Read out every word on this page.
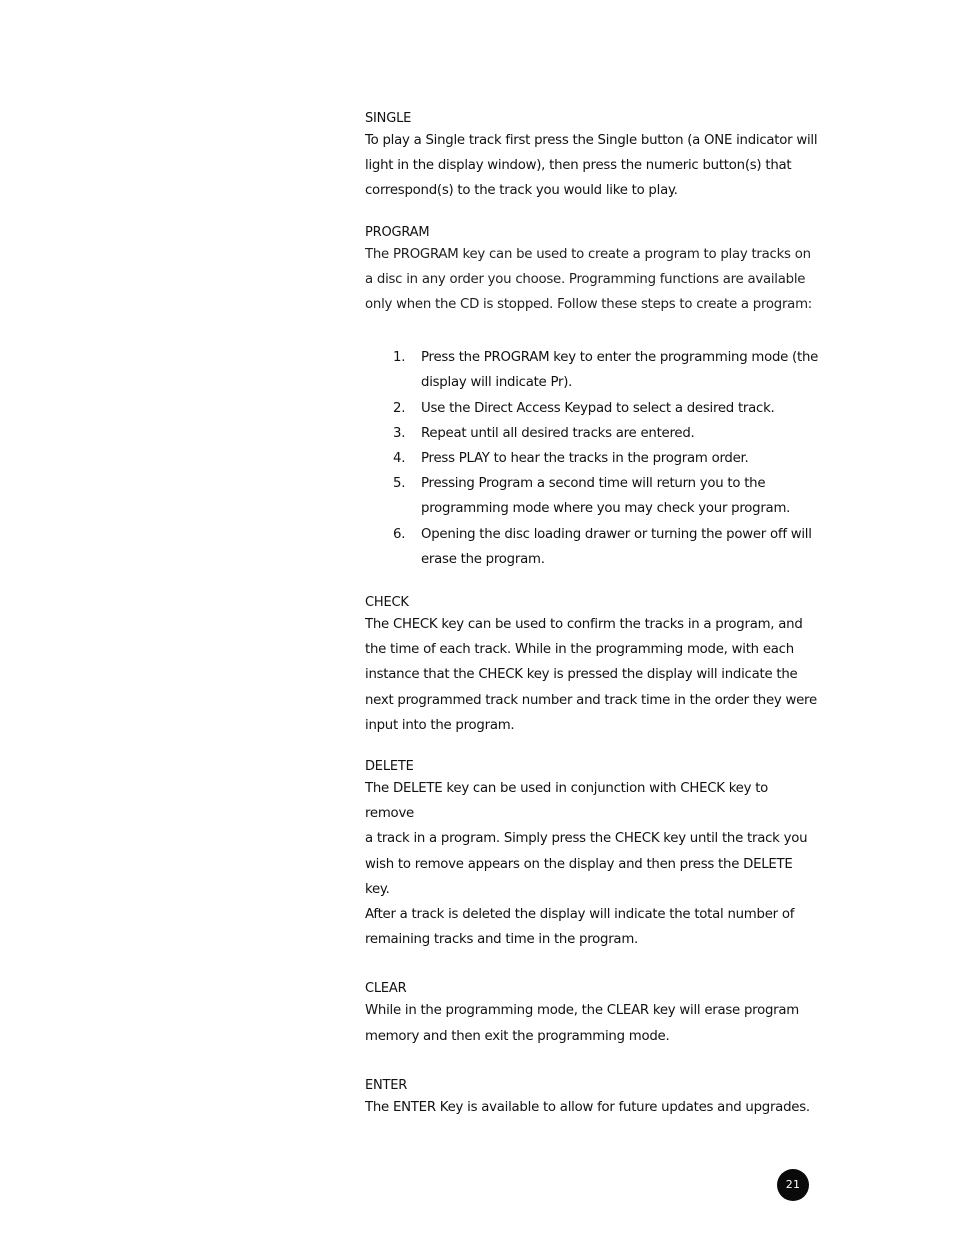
SINGLE

To play a Single track first press the Single button (a ONE indicator will

light in the display window), then press the numeric button(s) that

correspond(s) to the track you would like to play.

PROGRAM

The PROGRAM key can be used to create a program to play tracks on

a disc in any order you choose. Programming functions are available

only when the CD is stopped. Follow these steps to create a program:

1. Press the PROGRAM key to enter the programming mode (the
display will indicate Pr).
2. Use the Direct Access Keypad to select a desired track.
3. Repeat until all desired tracks are entered.
4. Press PLAY to hear the tracks in the program order.
5. Pressing Program a second time will return you to the
programming mode where you may check your program.
6. Opening the disc loading drawer or turning the power off will
erase the program.

CHECK

The CHECK key can be used to confirm the tracks in a program, and

the time of each track. While in the programming mode, with each

instance that the CHECK key is pressed the display will indicate the

next programmed track number and track time in the order they were

input into the program.

DELETE

The DELETE key can be used in conjunction with CHECK key to remove

a track in a program. Simply press the CHECK key until the track you

wish to remove appears on the display and then press the DELETE key.

After a track is deleted the display will indicate the total number of

remaining tracks and time in the program.

CLEAR

While in the programming mode, the CLEAR key will erase program

memory and then exit the programming mode.

ENTER

The ENTER Key is available to allow for future updates and upgrades.

21
